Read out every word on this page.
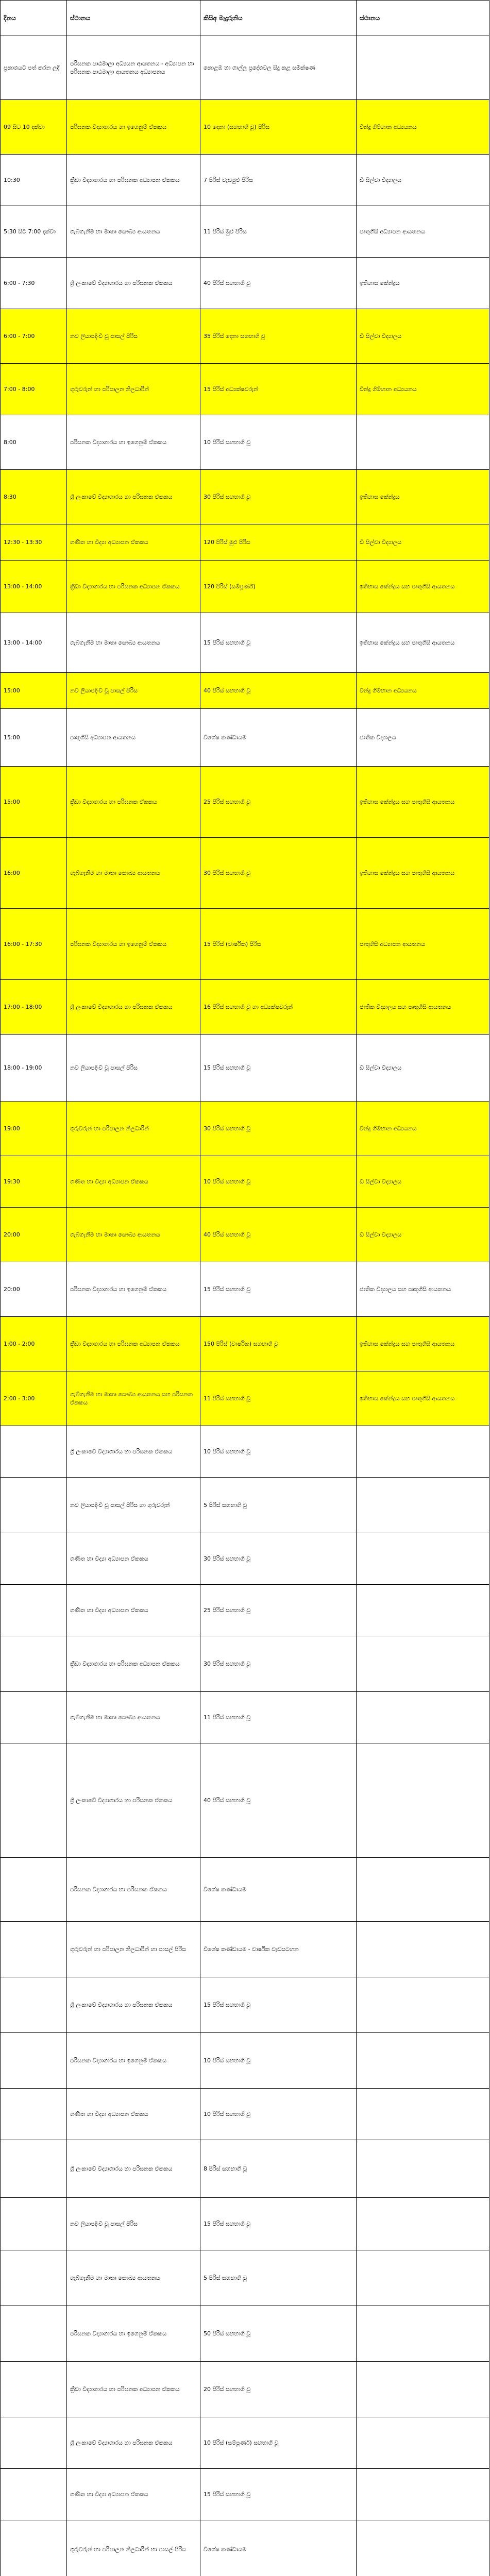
දිනය	ස්ථානය	කිසිඅ මැදුරුනිය	ස්ථානය
ප්‍රකාශයට පත් කරන ලදි	පරිඝනක පාඨමාලා අධ්‍යයන ආයතනය - අධ්‍යාපන හා පරිඝනක පාඨමාලා ආයතනය අධ්‍යාපනය	කොළඹ හා ගාල්ල ප්‍රදේශවල සිදු කළ සමීක්ෂණ	
09 සිට 10 දක්වා	පරිඝනක විද්‍යාගාරය හා ඉගෙනුම් ඒකකය	10 දෙනා (සහභාගි වූ) පිරිස	වින්දු ගිම්හාන අධ්‍යයනය
10:30	ක්‍රීඩා විද්‍යාගාරය හා පරිඝනක අධ්‍යාපන ඒකකය	7 පිරිස් වැඩමුළු පිරිස	ඩී සිල්වා විද්‍යාලය
5:30 සිට 7:00 දක්වා	ගැබ්ගැනීම හා මාතෘ සෞඛ්‍ය ආයතනය	11 පිරිස් මුළු පිරිස	පෘතුගීසි අධ්‍යාපන ආයතනය
6:00 - 7:30	ශ්‍රී ලංකාවේ විද්‍යාගාරය හා පරිඝනක ඒකකය	40 පිරිස් සහභාගි වූ	ඉතිහාස කේන්ද්‍රය
6:00 - 7:00	නව ලියාපදිංචි වූ පාසල් පිරිස	35 පිරිස් දෙනා සහභාගි වූ	ඩී සිල්වා විද්‍යාලය
7:00 - 8:00	ගුරුවරුන් හා පරිපාලන නිලධාරීන්	15 පිරිස් අධ්‍යක්ෂවරුන්	වින්දු ගිම්හාන අධ්‍යයනය
8:00	පරිඝනක විද්‍යාගාරය හා ඉගෙනුම් ඒකකය	10 පිරිස් සහභාගි වූ	
8:30	ශ්‍රී ලංකාවේ විද්‍යාගාරය හා පරිඝනක ඒකකය	30 පිරිස් සහභාගි වූ	ඉතිහාස කේන්ද්‍රය
12:30 - 13:30	ගණිත හා විද්‍යා අධ්‍යාපන ඒකකය	120 පිරිස් මුළු පිරිස	ඩී සිල්වා විද්‍යාලය
13:00 - 14:00	ක්‍රීඩා විද්‍යාගාරය හා පරිඝනක අධ්‍යාපන ඒකකය	120 පිරිස් (සම්පූර්ණ)	ඉතිහාස කේන්ද්‍රය සහ පෘතුගීසි ආයතනය
13:00 - 14:00	ගැබ්ගැනීම හා මාතෘ සෞඛ්‍ය ආයතනය	15 පිරිස් සහභාගි වූ	ඉතිහාස කේන්ද්‍රය සහ පෘතුගීසි ආයතනය
15:00	නව ලියාපදිංචි වූ පාසල් පිරිස	40 පිරිස් සහභාගි වූ	වින්දු ගිම්හාන අධ්‍යයනය
15:00	පෘතුගීසි අධ්‍යාපන ආයතනය	විශේෂ කණ්ඩායම	ජාතික විද්‍යාලය
15:00	ක්‍රීඩා විද්‍යාගාරය හා පරිඝනක ඒකකය	25 පිරිස් සහභාගි වූ	ඉතිහාස කේන්ද්‍රය සහ පෘතුගීසි ආයතනය
16:00	ගැබ්ගැනීම හා මාතෘ සෞඛ්‍ය ආයතනය	30 පිරිස් සහභාගි වූ	ඉතිහාස කේන්ද්‍රය සහ පෘතුගීසි ආයතනය
16:00 - 17:30	පරිඝනක විද්‍යාගාරය හා ඉගෙනුම් ඒකකය	15 පිරිස් (වාර්ෂික) පිරිස	පෘතුගීසි අධ්‍යාපන ආයතනය
17:00 - 18:00	ශ්‍රී ලංකාවේ විද්‍යාගාරය හා පරිඝනක ඒකකය	16 පිරිස් සහභාගි වූ හා අධ්‍යක්ෂවරුන්	ජාතික විද්‍යාලය සහ පෘතුගීසි ආයතනය
18:00 - 19:00	නව ලියාපදිංචි වූ පාසල් පිරිස	15 පිරිස් සහභාගි වූ	ඩී සිල්වා විද්‍යාලය
19:00	ගුරුවරුන් හා පරිපාලන නිලධාරීන්	30 පිරිස් සහභාගි වූ	වින්දු ගිම්හාන අධ්‍යයනය
19:30	ගණිත හා විද්‍යා අධ්‍යාපන ඒකකය	10 පිරිස් සහභාගි වූ	ඩී සිල්වා විද්‍යාලය
20:00	ගැබ්ගැනීම හා මාතෘ සෞඛ්‍ය ආයතනය	40 පිරිස් සහභාගි වූ	ඩී සිල්වා විද්‍යාලය
20:00	පරිඝනක විද්‍යාගාරය හා ඉගෙනුම් ඒකකය	15 පිරිස් සහභාගි වූ	ජාතික විද්‍යාලය සහ පෘතුගීසි ආයතනය
1:00 - 2:00	ක්‍රීඩා විද්‍යාගාරය හා පරිඝනක අධ්‍යාපන ඒකකය	150 පිරිස් (වාර්ෂික) සහභාගි වූ	ඉතිහාස කේන්ද්‍රය සහ පෘතුගීසි ආයතනය
2:00 - 3:00	ගැබ්ගැනීම හා මාතෘ සෞඛ්‍ය ආයතනය සහ පරිඝනක ඒකකය	11 පිරිස් සහභාගි වූ	ඉතිහාස කේන්ද්‍රය සහ පෘතුගීසි ආයතනය
	ශ්‍රී ලංකාවේ විද්‍යාගාරය හා පරිඝනක ඒකකය	10 පිරිස් සහභාගි වූ	
	නව ලියාපදිංචි වූ පාසල් පිරිස හා ගුරුවරුන්	5 පිරිස් සහභාගි වූ	
	ගණිත හා විද්‍යා අධ්‍යාපන ඒකකය	30 පිරිස් සහභාගි වූ	
	ගණිත හා විද්‍යා අධ්‍යාපන ඒකකය	25 පිරිස් සහභාගි වූ	
	ක්‍රීඩා විද්‍යාගාරය හා පරිඝනක අධ්‍යාපන ඒකකය	30 පිරිස් සහභාගි වූ	
	ගැබ්ගැනීම හා මාතෘ සෞඛ්‍ය ආයතනය	11 පිරිස් සහභාගි වූ	
	ශ්‍රී ලංකාවේ විද්‍යාගාරය හා පරිඝනක ඒකකය	40 පිරිස් සහභාගි වූ	
	පරිඝනක විද්‍යාගාරය හා පරිඝනක ඒකකය	විශේෂ කණ්ඩායම	
	ගුරුවරුන් හා පරිපාලන නිලධාරීන් හා පාසල් පිරිස	විශේෂ කණ්ඩායම - වාර්ෂික වැඩසටහන	
	ශ්‍රී ලංකාවේ විද්‍යාගාරය හා පරිඝනක ඒකකය	15 පිරිස් සහභාගි වූ	
	පරිඝනක විද්‍යාගාරය හා ඉගෙනුම් ඒකකය	10 පිරිස් සහභාගි වූ	
	ගණිත හා විද්‍යා අධ්‍යාපන ඒකකය	10 පිරිස් සහභාගි වූ	
	ශ්‍රී ලංකාවේ විද්‍යාගාරය හා පරිඝනක ඒකකය	8 පිරිස් සහභාගි වූ	
	නව ලියාපදිංචි වූ පාසල් පිරිස	15 පිරිස් සහභාගි වූ	
	ගැබ්ගැනීම හා මාතෘ සෞඛ්‍ය ආයතනය	5 පිරිස් සහභාගි වූ	
	පරිඝනක විද්‍යාගාරය හා ඉගෙනුම් ඒකකය	50 පිරිස් සහභාගි වූ	
	ක්‍රීඩා විද්‍යාගාරය හා පරිඝනක අධ්‍යාපන ඒකකය	20 පිරිස් සහභාගි වූ	
	ශ්‍රී ලංකාවේ විද්‍යාගාරය හා පරිඝනක ඒකකය	10 පිරිස් (සම්පූර්ණ) සහභාගි වූ	
	ගණිත හා විද්‍යා අධ්‍යාපන ඒකකය	15 පිරිස් සහභාගි වූ	
	ගුරුවරුන් හා පරිපාලන නිලධාරීන් හා පාසල් පිරිස	විශේෂ කණ්ඩායම	
